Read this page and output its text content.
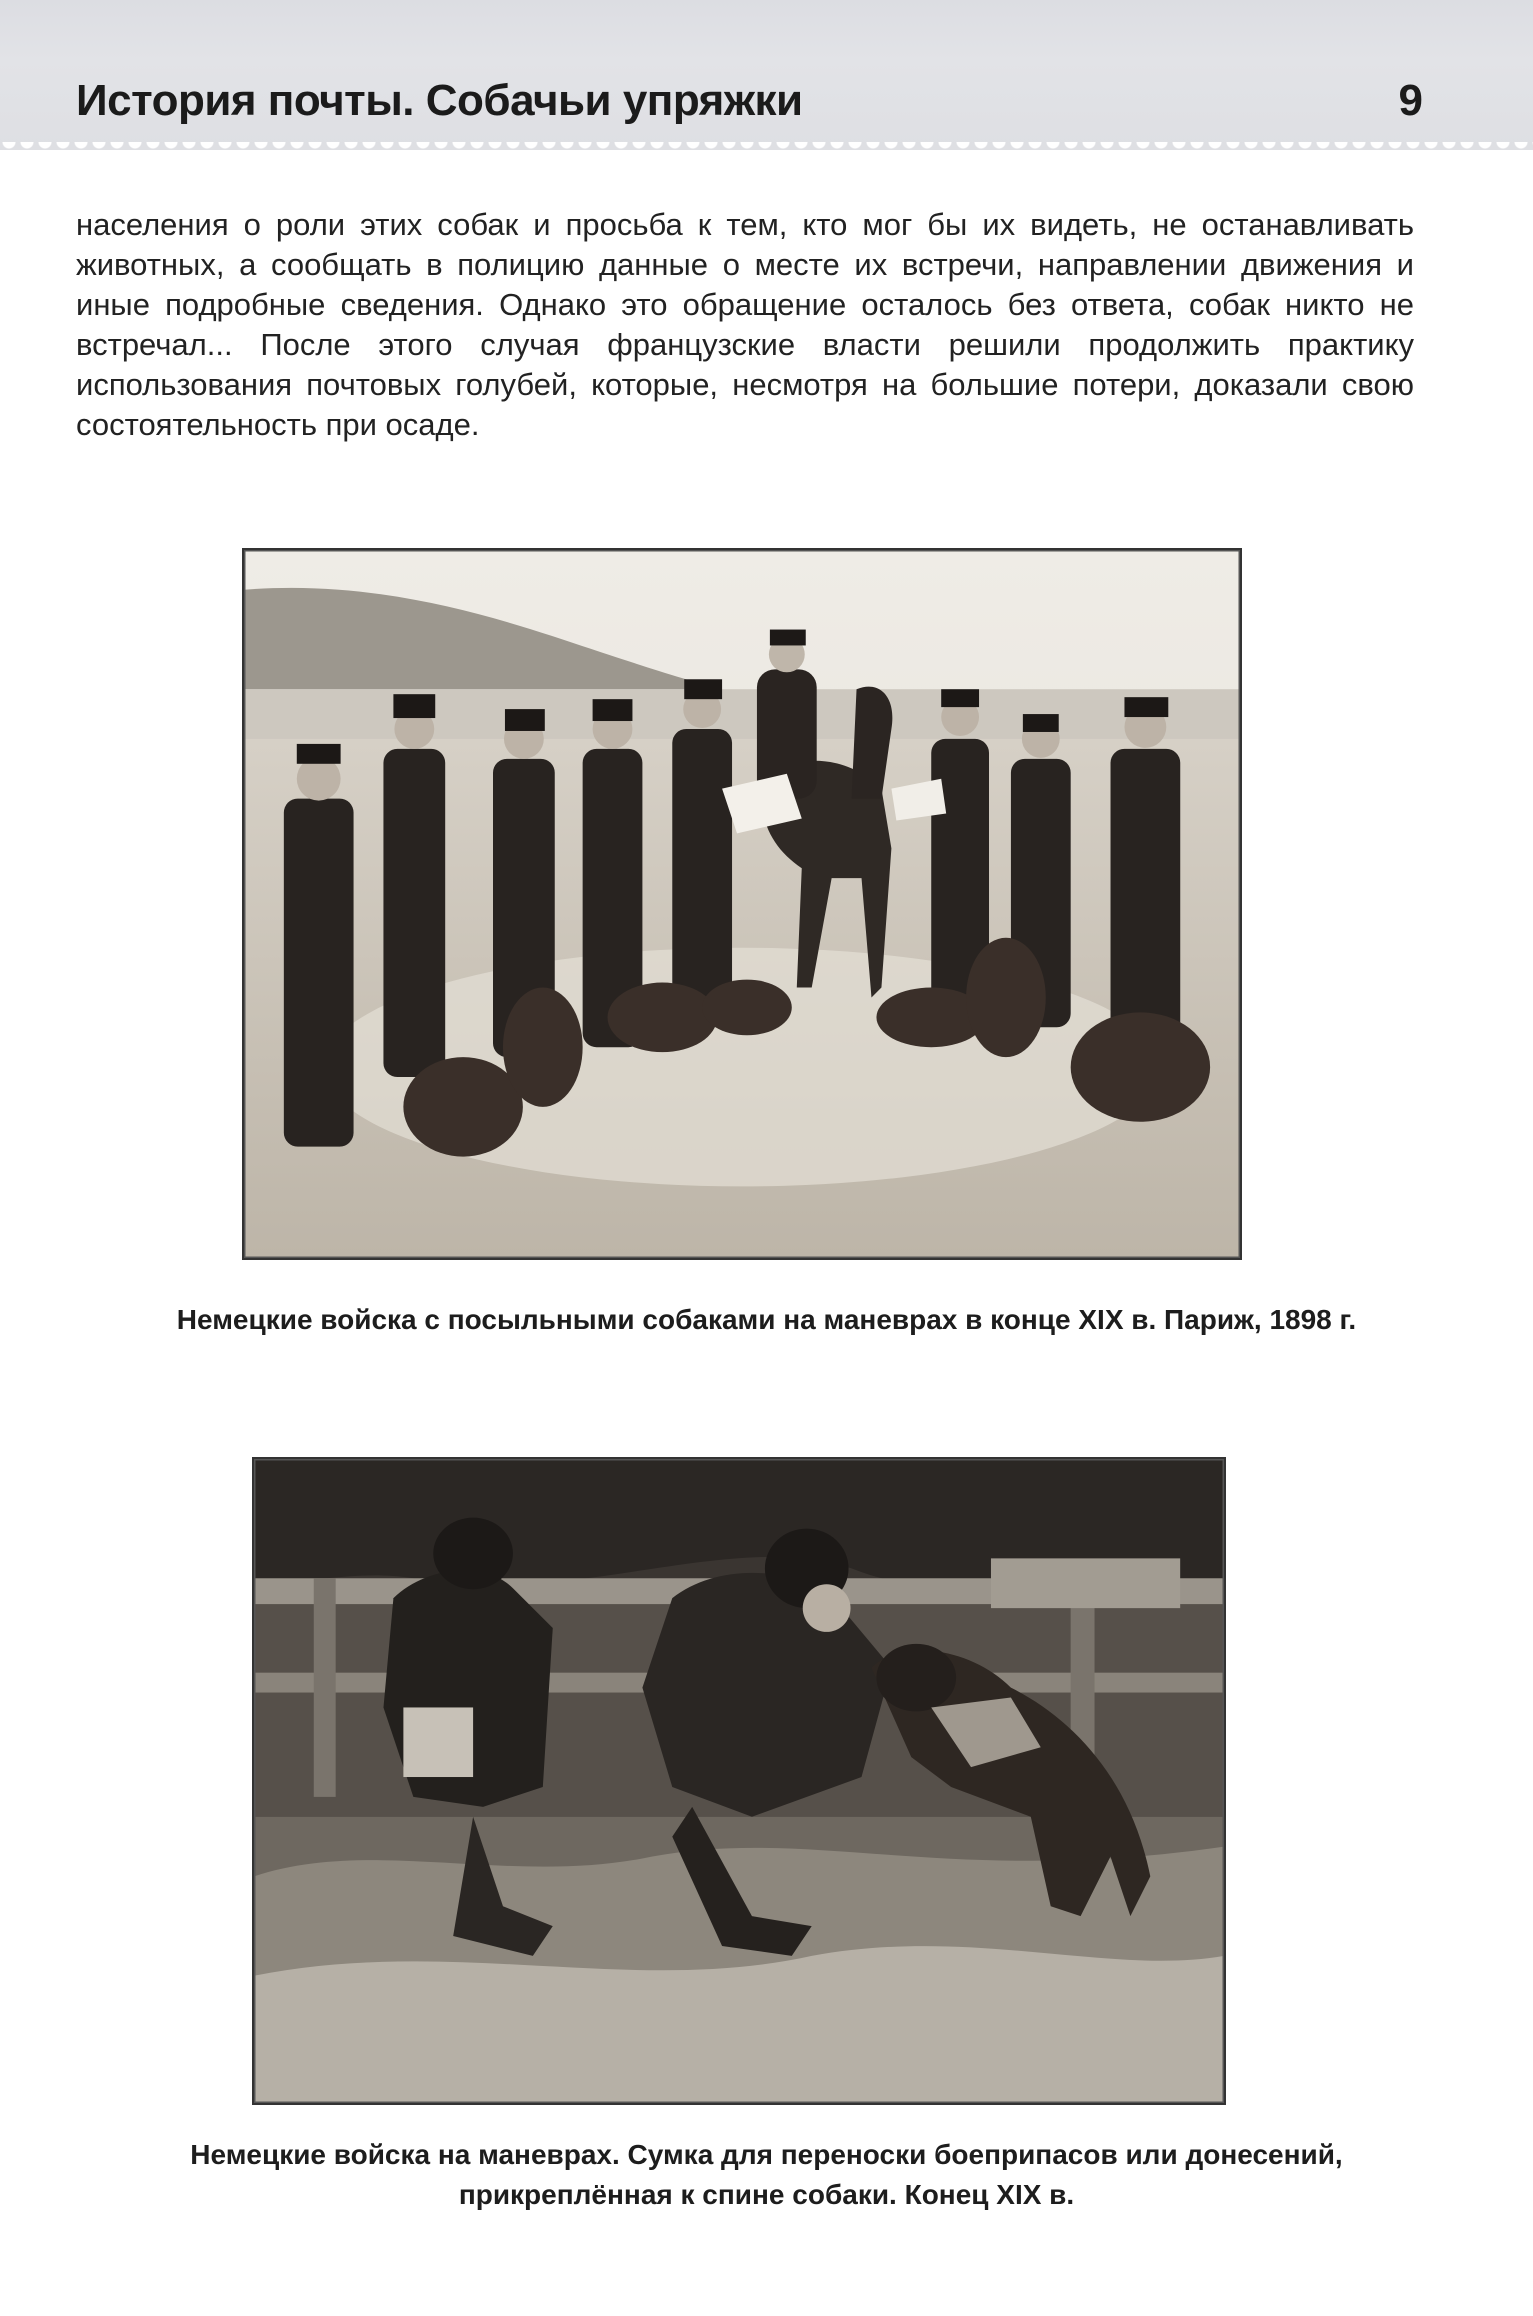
История почты. Собачьи упряжки	9

населения о роли этих собак и просьба к тем, кто мог бы их видеть, не останавливать животных, а сообщать в полицию данные о месте их встречи, направлении движения и иные подробные сведения. Однако это обращение осталось без ответа, собак никто не встречал... После этого случая французские власти решили продолжить практику использования почтовых голубей, которые, несмотря на большие потери, доказали свою состоятельность при осаде.

Немецкие войска с посыльными собаками на маневрах в конце XIX в. Париж, 1898 г.

Немецкие войска на маневрах. Сумка для переноски боеприпасов или донесений,
прикреплённая к спине собаки. Конец XIX в.
